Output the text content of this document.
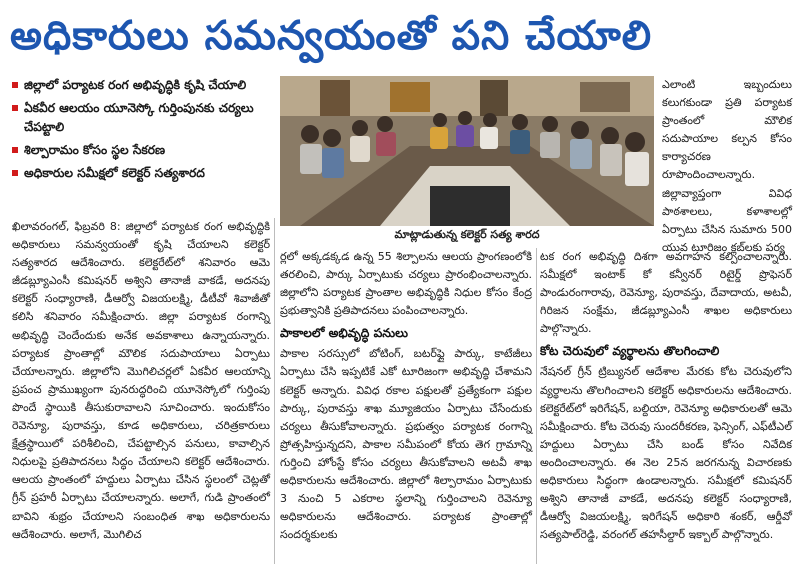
అధికారులు సమన్వయంతో పని చేయాలి
జిల్లాలో పర్యాటక రంగ అభివృద్ధికి కృషి చేయాలి
ఏకవీర ఆలయం యూనెస్కో గుర్తింపునకు చర్యలు చేపట్టాలి
శిల్పారామం కోసం స్థల సేకరణ
అధికారుల సమీక్షలో కలెక్టర్ సత్యశారద
మాట్లాడుతున్న కలెక్టర్ సత్య శారద

ఎలాంటి ఇబ్బందులు కలుగకుండా ప్రతి పర్యాటక ప్రాంతంలో మౌలిక సదుపాయాల కల్పన కోసం కార్యాచరణ రూపొందించాలన్నారు. జిల్లావ్యాప్తంగా వివిధ పాఠశాలలు, కళాశాలల్లో ఏర్పాటు చేసిన సుమారు 500 యువ టూరిజం క్లబ్‌లకు పర్య

ఖిలావరంగల్, ఫిబ్రవరి 8: జిల్లాలో పర్యాటక రంగ అభివృద్ధికి అధికారులు సమన్వయంతో కృషి చేయాలని కలెక్టర్ సత్యశారద ఆదేశించారు. కలెక్టరేట్‌లో శనివారం ఆమె జీడబ్ల్యూఎంసీ కమిషనర్ అశ్విని తానాజీ వాకడే, అదనపు కలెక్టర్ సంధ్యారాణి, డీఆర్వో విజయలక్ష్మి, డీటీవో శివాజీతో కలిసి శనివారం సమీక్షించారు. జిల్లా పర్యాటక రంగాన్ని అభివృద్ధి చెందేందుకు అనేక అవకాశాలు ఉన్నాయన్నారు. పర్యాటక ప్రాంతాల్లో మౌలిక సదుపాయాలు ఏర్పాటు చేయాలన్నారు. జిల్లాలోని మొగిలిచర్లలో ఏకవీర ఆలయాన్ని ప్రపంచ ప్రాముఖ్యంగా పునరుద్ధరించి యూనెస్కోలో గుర్తింపు పొందే స్థాయికి తీసుకురావాలని సూచించారు. ఇందుకోసం రెవెన్యూ, పురావస్తు, కూడ అధికారులు, చరిత్రకారులు క్షేత్రస్థాయిలో పరిశీలించి, చేపట్టాల్సిన పనులు, కావాల్సిన నిధులపై ప్రతిపాదనలు సిద్ధం చేయాలని కలెక్టర్ ఆదేశించారు. ఆలయ ప్రాంతంలో హద్దులు ఏర్పాటు చేసిన స్థలంలో చెట్లతో గ్రీన్ ప్రహరీ ఏర్పాటు చేయాలన్నారు. అలాగే, గుడి ప్రాంతంలో బావిని శుభ్రం చేయాలని సంబంధిత శాఖ అధికారులను ఆదేశించారు. అలాగే, మొగిలిచ

ర్లలో అక్కడక్కడ ఉన్న 55 శిల్పాలను ఆలయ ప్రాంగణంలోకి తరలించి, పార్కు ఏర్పాటుకు చర్యలు ప్రారంభించాలన్నారు. జిల్లాలోని పర్యాటక ప్రాంతాల అభివృద్ధికి నిధుల కోసం కేంద్ర ప్రభుత్వానికి ప్రతిపాదనలు పంపించాలన్నారు.

పాకాలలో అభివృద్ధి పనులు

పాకాల సరస్సులో బోటింగ్, బటర్‌ఫ్లై పార్కు, కాటేజీలు ఏర్పాటు చేసి ఇప్పటికే ఎకో టూరిజంగా అభివృద్ధి చేశామని కలెక్టర్ అన్నారు. వివిధ రకాల పక్షులతో ప్రత్యేకంగా పక్షుల పార్కు, పురావస్తు శాఖ మ్యూజియం ఏర్పాటు చేసేందుకు చర్యలు తీసుకోవాలన్నారు. ప్రభుత్వం పర్యాటక రంగాన్ని ప్రోత్సహిస్తున్నదని, పాకాల సమీపంలో కోయ తెగ గ్రామాన్ని గుర్తించి హోంస్టే కోసం చర్యలు తీసుకోవాలని అటవీ శాఖ అధికారులను ఆదేశించారు. జిల్లాలో శిల్పారామం ఏర్పాటుకు 3 నుంచి 5 ఎకరాల స్థలాన్ని గుర్తించాలని రెవెన్యూ అధికారులను ఆదేశించారు. పర్యాటక ప్రాంతాల్లో సందర్శకులకు

టక రంగ అభివృద్ధి దిశగా అవగాహన కల్పించాలన్నారు. సమీక్షలో ఇంటాక్ కో కన్వీనర్ రిటైర్డ్ ప్రొఫెసర్ పాండురంగారావు, రెవెన్యూ, పురావస్తు, దేవాదాయ, అటవీ, గిరిజన సంక్షేమ, జీడబ్ల్యూఎంసీ శాఖల అధికారులు పాల్గొన్నారు.

కోట చెరువులో వ్యర్థాలను తొలగించాలి

నేషనల్ గ్రీన్ ట్రిబ్యునల్ ఆదేశాల మేరకు కోట చెరువులోని వ్యర్థాలను తొలగించాలని కలెక్టర్ అధికారులను ఆదేశించారు. కలెక్టరేట్‌లో ఇరిగేషన్, బల్దియా, రెవెన్యూ అధికారులతో ఆమె సమీక్షించారు. కోట చెరువు సుందరీకరణ, ఫెన్సింగ్, ఎఫ్‌టీఎల్ హద్దులు ఏర్పాటు చేసి బండ్ కోసం నివేదిక అందించాలన్నారు. ఈ నెల 25న జరగనున్న విచారణకు అధికారులు సిద్ధంగా ఉండాలన్నారు. సమీక్షలో కమిషనర్ అశ్విని తానాజీ వాకడే, అదనపు కలెక్టర్ సంధ్యారాణి, డీఆర్వో విజయలక్ష్మి, ఇరిగేషన్ అధికారి శంకర్, ఆర్డీవో సత్యపాల్‌రెడ్డి, వరంగల్ తహసీల్దార్ ఇక్బాల్ పాల్గొన్నారు.
